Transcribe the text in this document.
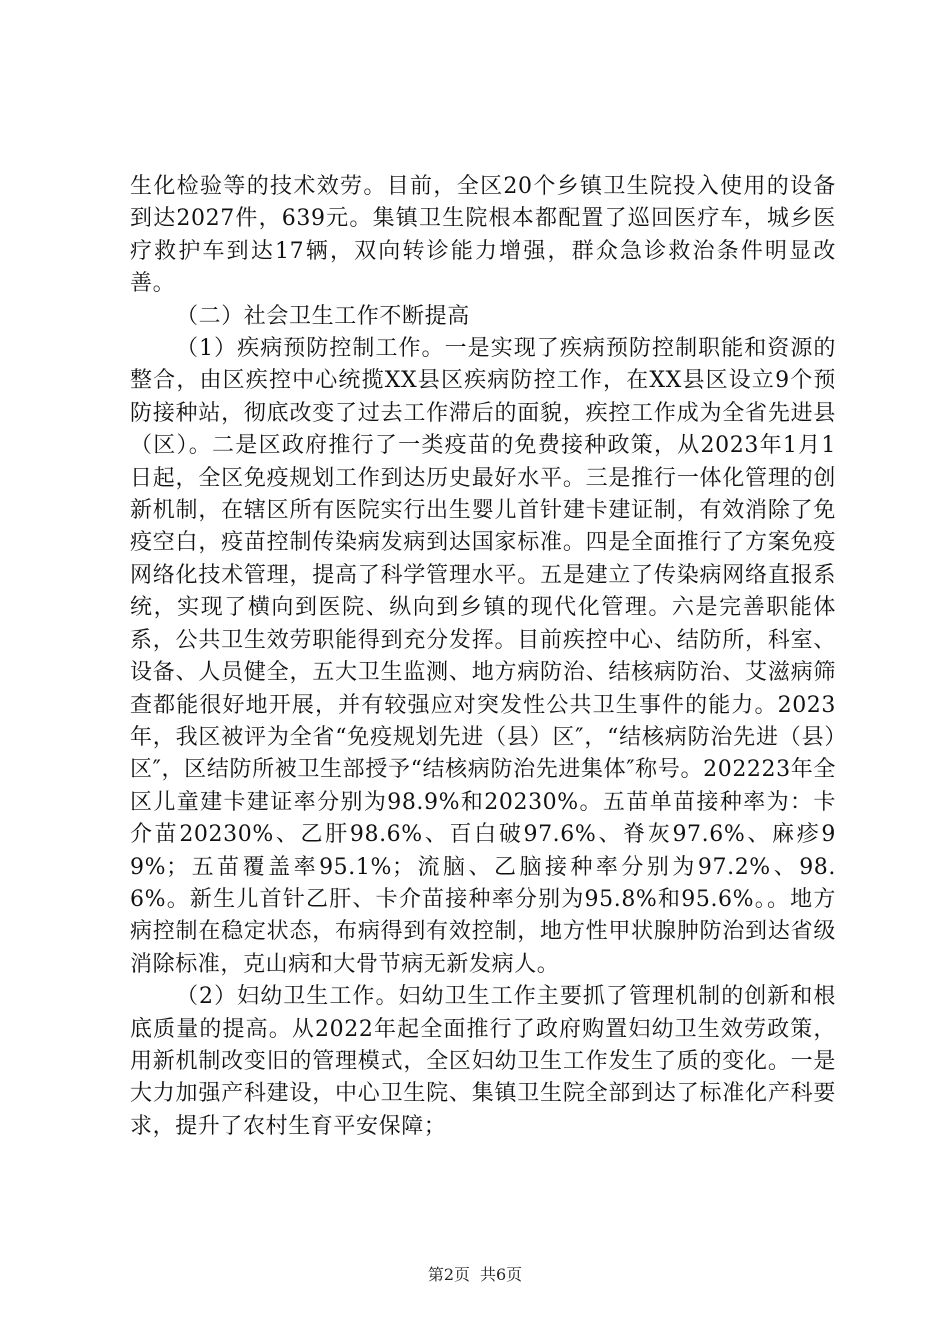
生化检验等的技术效劳。目前，全区20个乡镇卫生院投入使用的设备到达2027件，639元。集镇卫生院根本都配置了巡回医疗车，城乡医疗救护车到达17辆，双向转诊能力增强，群众急诊救治条件明显改善。

（二）社会卫生工作不断提高

（1）疾病预防控制工作。一是实现了疾病预防控制职能和资源的整合，由区疾控中心统揽XX县区疾病防控工作，在XX县区设立9个预防接种站，彻底改变了过去工作滞后的面貌，疾控工作成为全省先进县（区）。二是区政府推行了一类疫苗的免费接种政策，从2023年1月1日起，全区免疫规划工作到达历史最好水平。三是推行一体化管理的创新机制，在辖区所有医院实行出生婴儿首针建卡建证制，有效消除了免疫空白，疫苗控制传染病发病到达国家标准。四是全面推行了方案免疫网络化技术管理，提高了科学管理水平。五是建立了传染病网络直报系统，实现了横向到医院、纵向到乡镇的现代化管理。六是完善职能体系，公共卫生效劳职能得到充分发挥。目前疾控中心、结防所，科室、设备、人员健全，五大卫生监测、地方病防治、结核病防治、艾滋病筛查都能很好地开展，并有较强应对突发性公共卫生事件的能力。2023年，我区被评为全省“免疫规划先进（县）区″，“结核病防治先进（县）区″，区结防所被卫生部授予“结核病防治先进集体″称号。202223年全区儿童建卡建证率分别为98.9%和20230%。五苗单苗接种率为：卡介苗20230%、乙肝98.6%、百白破97.6%、脊灰97.6%、麻疹99%；五苗覆盖率95.1%；流脑、乙脑接种率分别为97.2%、98.6%。新生儿首针乙肝、卡介苗接种率分别为95.8%和95.6%。。地方病控制在稳定状态，布病得到有效控制，地方性甲状腺肿防治到达省级消除标准，克山病和大骨节病无新发病人。

（2）妇幼卫生工作。妇幼卫生工作主要抓了管理机制的创新和根底质量的提高。从2022年起全面推行了政府购置妇幼卫生效劳政策，用新机制改变旧的管理模式，全区妇幼卫生工作发生了质的变化。一是大力加强产科建设，中心卫生院、集镇卫生院全部到达了标准化产科要求，提升了农村生育平安保障；

第2页 共6页
